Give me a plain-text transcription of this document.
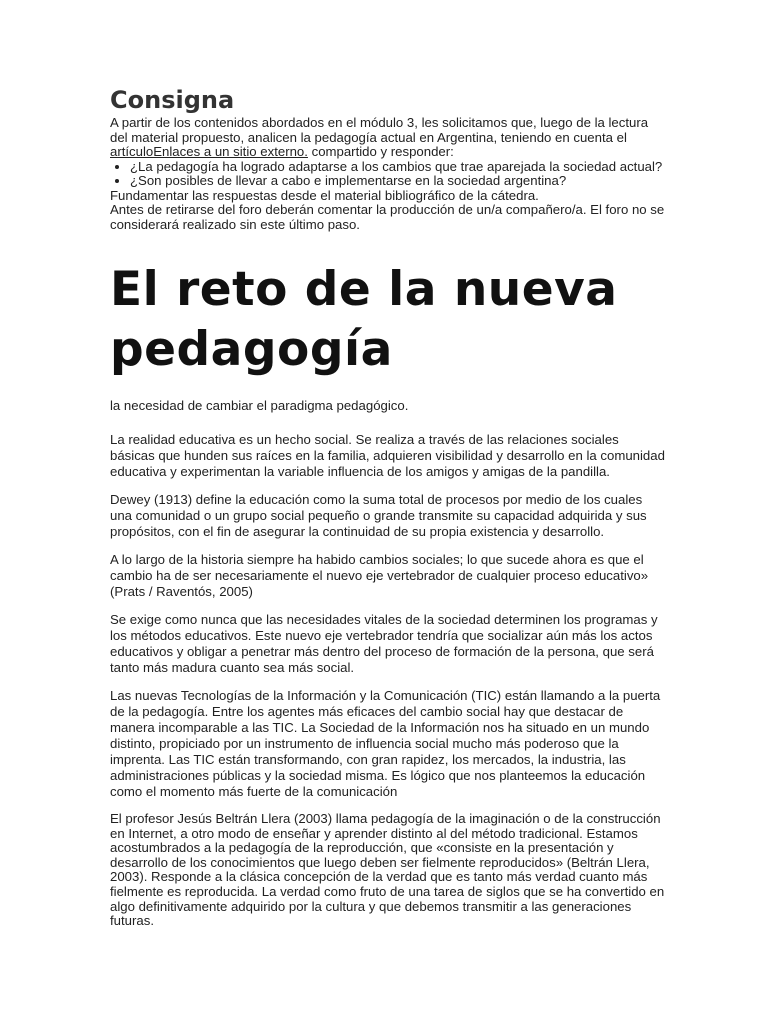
Consigna

A partir de los contenidos abordados en el módulo 3, les solicitamos que, luego de la lectura del material propuesto, analicen la pedagogía actual en Argentina, teniendo en cuenta el artículoEnlaces a un sitio externo. compartido y responder:

• ¿La pedagogía ha logrado adaptarse a los cambios que trae aparejada la sociedad actual?
• ¿Son posibles de llevar a cabo e implementarse en la sociedad argentina?

Fundamentar las respuestas desde el material bibliográfico de la cátedra.

Antes de retirarse del foro deberán comentar la producción de un/a compañero/a. El foro no se considerará realizado sin este último paso.

El reto de la nueva pedagogía

la necesidad de cambiar el paradigma pedagógico.

La realidad educativa es un hecho social. Se realiza a través de las relaciones sociales básicas que hunden sus raíces en la familia, adquieren visibilidad y desarrollo en la comunidad educativa y experimentan la variable influencia de los amigos y amigas de la pandilla.

Dewey (1913) define la educación como la suma total de procesos por medio de los cuales una comunidad o un grupo social pequeño o grande transmite su capacidad adquirida y sus propósitos, con el fin de asegurar la continuidad de su propia existencia y desarrollo.

A lo largo de la historia siempre ha habido cambios sociales; lo que sucede ahora es que el cambio ha de ser necesariamente el nuevo eje vertebrador de cualquier proceso educativo» (Prats / Raventós, 2005)

Se exige como nunca que las necesidades vitales de la sociedad determinen los programas y los métodos educativos. Este nuevo eje vertebrador tendría que socializar aún más los actos educativos y obligar a penetrar más dentro del proceso de formación de la persona, que será tanto más madura cuanto sea más social.

Las nuevas Tecnologías de la Información y la Comunicación (TIC) están llamando a la puerta de la pedagogía. Entre los agentes más eficaces del cambio social hay que destacar de manera incomparable a las TIC. La Sociedad de la Información nos ha situado en un mundo distinto, propiciado por un instrumento de influencia social mucho más poderoso que la imprenta. Las TIC están transformando, con gran rapidez, los mercados, la industria, las administraciones públicas y la sociedad misma. Es lógico que nos planteemos la educación como el momento más fuerte de la comunicación

El profesor Jesús Beltrán Llera (2003) llama pedagogía de la imaginación o de la construcción en Internet, a otro modo de enseñar y aprender distinto al del método tradicional. Estamos acostumbrados a la pedagogía de la reproducción, que «consiste en la presentación y desarrollo de los conocimientos que luego deben ser fielmente reproducidos» (Beltrán Llera, 2003). Responde a la clásica concepción de la verdad que es tanto más verdad cuanto más fielmente es reproducida. La verdad como fruto de una tarea de siglos que se ha convertido en algo definitivamente adquirido por la cultura y que debemos transmitir a las generaciones futuras.
